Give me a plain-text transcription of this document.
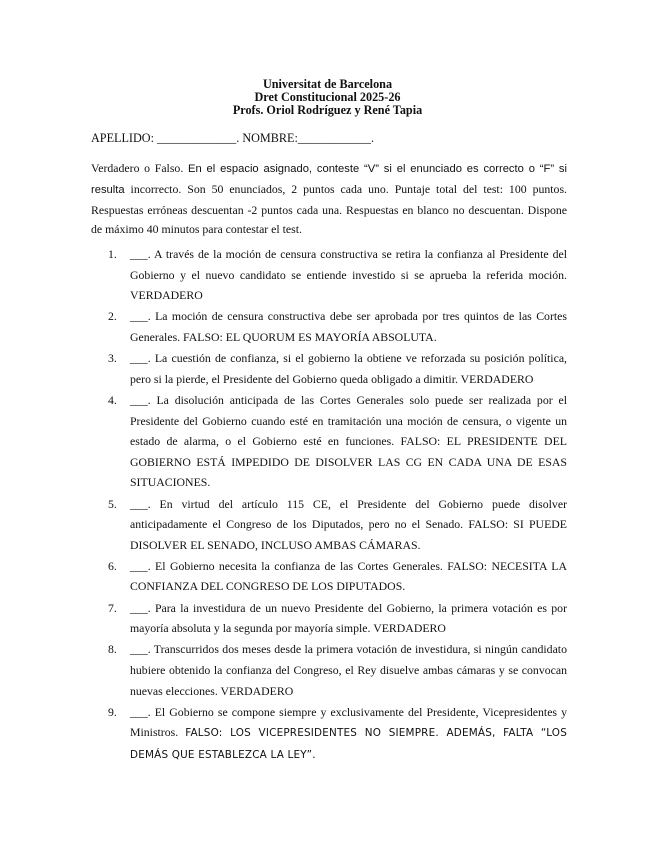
Universitat de Barcelona
Dret Constitucional 2025-26
Profs. Oriol Rodríguez y René Tapia
APELLIDO: _____________. NOMBRE:____________.
Verdadero o Falso. En el espacio asignado, conteste “V” si el enunciado es correcto o “F” si resulta incorrecto. Son 50 enunciados, 2 puntos cada uno. Puntaje total del test: 100 puntos. Respuestas erróneas descuentan -2 puntos cada una. Respuestas en blanco no descuentan. Dispone de máximo 40 minutos para contestar el test.
1. ___. A través de la moción de censura constructiva se retira la confianza al Presidente del Gobierno y el nuevo candidato se entiende investido si se aprueba la referida moción. VERDADERO
2. ___. La moción de censura constructiva debe ser aprobada por tres quintos de las Cortes Generales. FALSO: EL QUORUM ES MAYORÍA ABSOLUTA.
3. ___. La cuestión de confianza, si el gobierno la obtiene ve reforzada su posición política, pero si la pierde, el Presidente del Gobierno queda obligado a dimitir. VERDADERO
4. ___. La disolución anticipada de las Cortes Generales solo puede ser realizada por el Presidente del Gobierno cuando esté en tramitación una moción de censura, o vigente un estado de alarma, o el Gobierno esté en funciones. FALSO: EL PRESIDENTE DEL GOBIERNO ESTÁ IMPEDIDO DE DISOLVER LAS CG EN CADA UNA DE ESAS SITUACIONES.
5. ___. En virtud del artículo 115 CE, el Presidente del Gobierno puede disolver anticipadamente el Congreso de los Diputados, pero no el Senado. FALSO: SI PUEDE DISOLVER EL SENADO, INCLUSO AMBAS CÁMARAS.
6. ___. El Gobierno necesita la confianza de las Cortes Generales. FALSO: NECESITA LA CONFIANZA DEL CONGRESO DE LOS DIPUTADOS.
7. ___. Para la investidura de un nuevo Presidente del Gobierno, la primera votación es por mayoría absoluta y la segunda por mayoría simple. VERDADERO
8. ___. Transcurridos dos meses desde la primera votación de investidura, si ningún candidato hubiere obtenido la confianza del Congreso, el Rey disuelve ambas cámaras y se convocan nuevas elecciones. VERDADERO
9. ___. El Gobierno se compone siempre y exclusivamente del Presidente, Vicepresidentes y Ministros. FALSO: LOS VICEPRESIDENTES NO SIEMPRE. ADEMÁS, FALTA “LOS DEMÁS QUE ESTABLEZCA LA LEY”.
